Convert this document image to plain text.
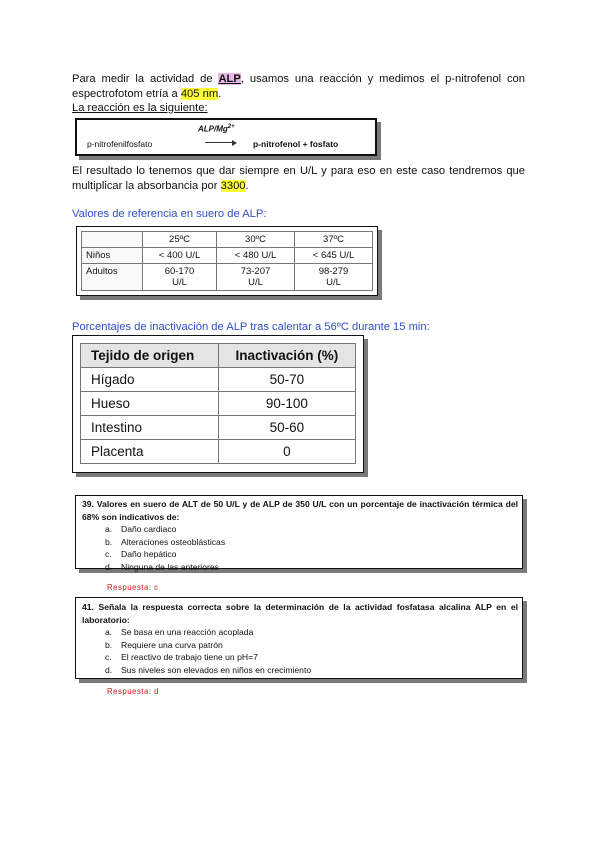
Para medir la actividad de ALP, usamos una reacción y medimos el p-nitrofenol con espectrofotom etría a 405 nm.
La reacción es la siguiente:
ALP/$Mg^{2+}$
p-nitrofenilfosfato	p-nitrofenol + fosfato
El resultado lo tenemos que dar siempre en U/L y para eso en este caso tendremos que multiplicar la absorbancia por 3300.
Valores de referencia en suero de ALP:
	25ºC	30ºC	37ºC
Niños	< 400 U/L	< 480 U/L	< 645 U/L
Adultos	60-170 U/L	73-207 U/L	98-279 U/L
Porcentajes de inactivación de ALP tras calentar a 56ºC durante 15 min:
Tejido de origen	Inactivación (%)
Hígado	50-70
Hueso	90-100
Intestino	50-60
Placenta	0
39. Valores en suero de ALT de 50 U/L y de ALP de 350 U/L con un porcentaje de inactivación térmica del 68% son indicativos de:
a. Daño cardiaco
b. Alteraciones osteoblásticas
c. Daño hepático
d. Ninguna de las anteriores
Respuesta: c
41. Señala la respuesta correcta sobre la determinación de la actividad fosfatasa alcalina ALP en el laboratorio:
a. Se basa en una reacción acoplada
b. Requiere una curva patrón
c. El reactivo de trabajo tiene un pH=7
d. Sus niveles son elevados en niños en crecimiento
Respuesta: d
